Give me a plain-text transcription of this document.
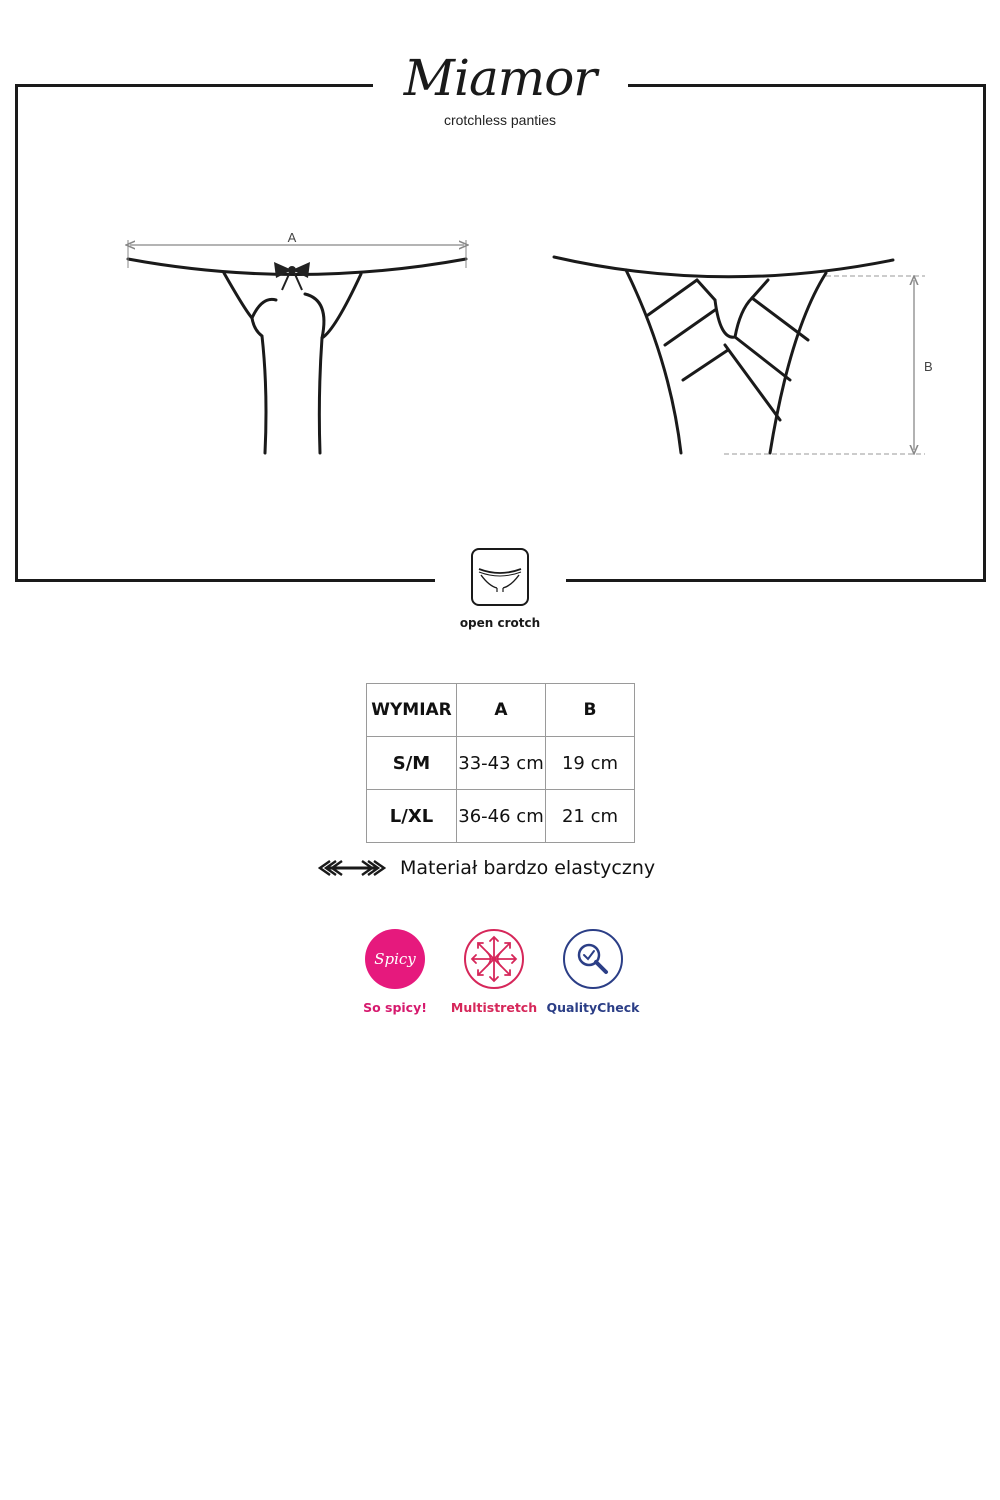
Miamor
crotchless panties
A
B
open crotch
WYMIAR	A	B
S/M	33-43 cm	19 cm
L/XL	36-46 cm	21 cm
Materiał bardzo elastyczny
Spicy
So spicy!	Multistretch QualityCheck
